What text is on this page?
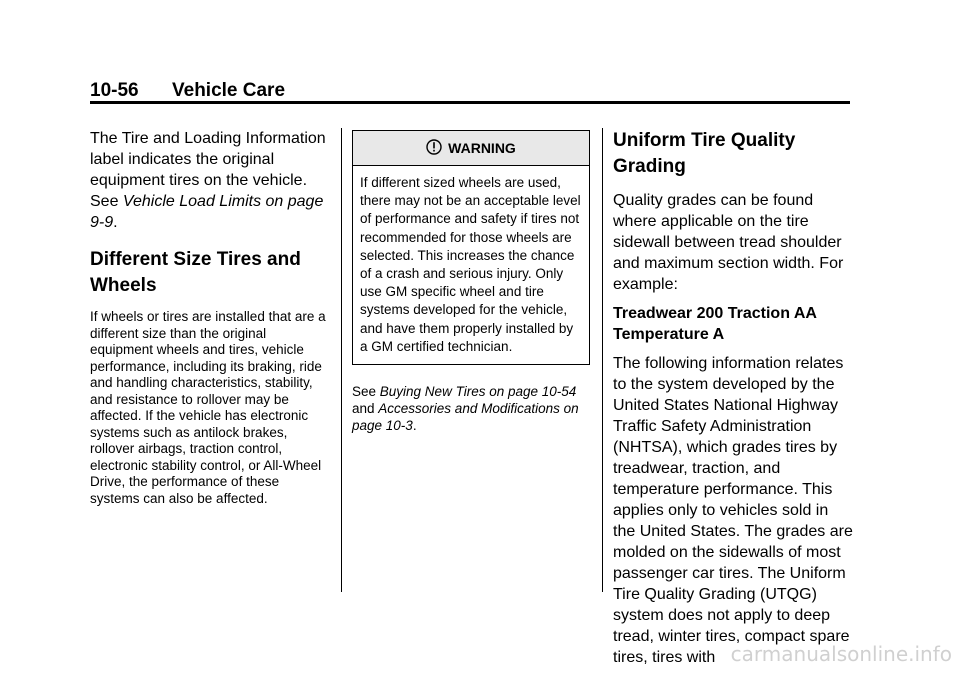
10-56 Vehicle Care

The Tire and Loading Information label indicates the original equipment tires on the vehicle. See Vehicle Load Limits on page 9-9.

Different Size Tires and Wheels

If wheels or tires are installed that are a different size than the original equipment wheels and tires, vehicle performance, including its braking, ride and handling characteristics, stability, and resistance to rollover may be affected. If the vehicle has electronic systems such as antilock brakes, rollover airbags, traction control, electronic stability control, or All-Wheel Drive, the performance of these systems can also be affected.

WARNING
If different sized wheels are used, there may not be an acceptable level of performance and safety if tires not recommended for those wheels are selected. This increases the chance of a crash and serious injury. Only use GM specific wheel and tire systems developed for the vehicle, and have them properly installed by a GM certified technician.

See Buying New Tires on page 10-54 and Accessories and Modifications on page 10-3.

Uniform Tire Quality Grading

Quality grades can be found where applicable on the tire sidewall between tread shoulder and maximum section width. For example:

Treadwear 200 Traction AA Temperature A

The following information relates to the system developed by the United States National Highway Traffic Safety Administration (NHTSA), which grades tires by treadwear, traction, and temperature performance. This applies only to vehicles sold in the United States. The grades are molded on the sidewalls of most passenger car tires. The Uniform Tire Quality Grading (UTQG) system does not apply to deep tread, winter tires, compact spare tires, tires with carmanualsonline.info
